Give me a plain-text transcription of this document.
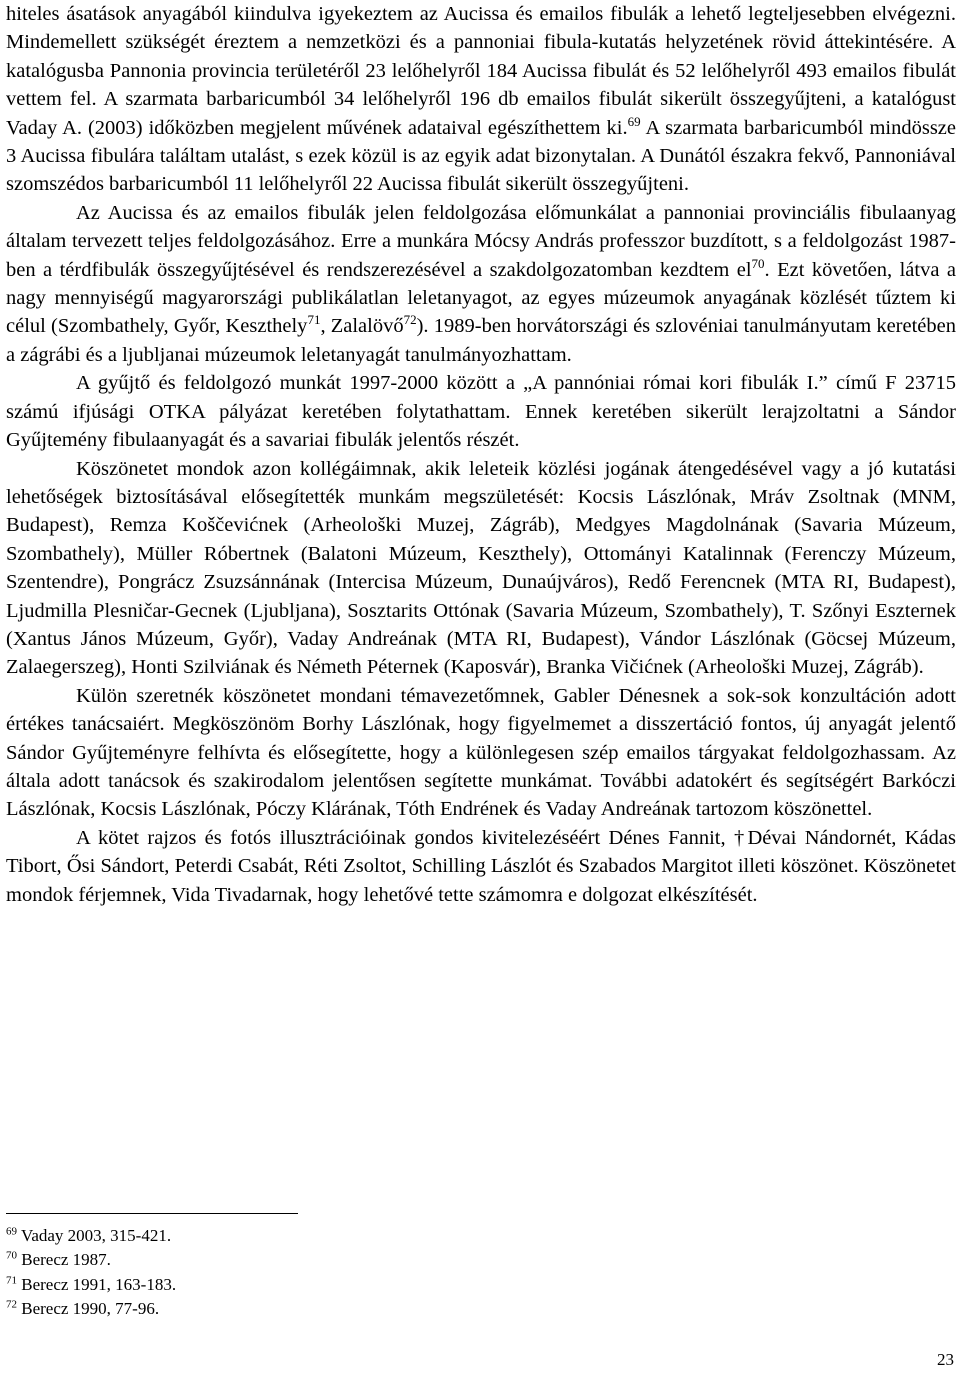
hiteles ásatások anyagából kiindulva igyekeztem az Aucissa és emailos fibulák a lehető legteljesebben elvégezni. Mindemellett szükségét éreztem a nemzetközi és a pannoniai fibula-kutatás helyzetének rövid áttekintésére. A katalógusba Pannonia provincia területéről 23 lelőhelyről 184 Aucissa fibulát és 52 lelőhelyről 493 emailos fibulát vettem fel. A szarmata barbaricumból 34 lelőhelyről 196 db emailos fibulát sikerült összegyűjteni, a katalógust Vaday A. (2003) időközben megjelent művének adataival egészíthettem ki.$^{69}$ A szarmata barbaricumból mindössze 3 Aucissa fibulára találtam utalást, s ezek közül is az egyik adat bizonytalan. A Dunától északra fekvő, Pannoniával szomszédos barbaricumból 11 lelőhelyről 22 Aucissa fibulát sikerült összegyűjteni.

Az Aucissa és az emailos fibulák jelen feldolgozása előmunkálat a pannoniai provinciális fibulaanyag általam tervezett teljes feldolgozásához. Erre a munkára Mócsy András professzor buzdított, s a feldolgozást 1987-ben a térdfibulák összegyűjtésével és rendszerezésével a szakdolgozatomban kezdtem $el^{70}$. Ezt követően, látva a nagy mennyiségű magyarországi publikálatlan leletanyagot, az egyes múzeumok anyagának közlését tűztem ki célul (Szombathely, Győr, Keszthely$^{71}$, Zalalövő$^{72}$). 1989-ben horvátországi és szlovéniai tanulmányutam keretében a zágrábi és a ljubljanai múzeumok leletanyagát tanulmányozhattam.

A gyűjtő és feldolgozó munkát 1997-2000 között a „A pannóniai római kori fibulák I.” című F 23715 számú ifjúsági OTKA pályázat keretében folytathattam. Ennek keretében sikerült lerajzoltatni a Sándor Gyűjtemény fibulaanyagát és a savariai fibulák jelentős részét.

Köszönetet mondok azon kollégáimnak, akik leleteik közlési jogának átengedésével vagy a jó kutatási lehetőségek biztosításával elősegítették munkám megszületését: Kocsis Lászlónak, Mráv Zsoltnak (MNM, Budapest), Remza Koščevićnek (Arheološki Muzej, Zágráb), Medgyes Magdolnának (Savaria Múzeum, Szombathely), Müller Róbertnek (Balatoni Múzeum, Keszthely), Ottományi Katalinnak (Ferenczy Múzeum, Szentendre), Pongrácz Zsuzsánnának (Intercisa Múzeum, Dunaújváros), Redő Ferencnek (MTA RI, Budapest), Ljudmilla Plesničar-Gecnek (Ljubljana), Sosztarits Ottónak (Savaria Múzeum, Szombathely), T. Szőnyi Eszternek (Xantus János Múzeum, Győr), Vaday Andreának (MTA RI, Budapest), Vándor Lászlónak (Göcsej Múzeum, Zalaegerszeg), Honti Szilviának és Németh Péternek (Kaposvár), Branka Vičićnek (Arheološki Muzej, Zágráb).

Külön szeretnék köszönetet mondani témavezetőmnek, Gabler Dénesnek a sok-sok konzultáción adott értékes tanácsaiért. Megköszönöm Borhy Lászlónak, hogy figyelmemet a disszertáció fontos, új anyagát jelentő Sándor Gyűjteményre felhívta és elősegítette, hogy a különlegesen szép emailos tárgyakat feldolgozhassam. Az általa adott tanácsok és szakirodalom jelentősen segítette munkámat. További adatokért és segítségért Barkóczi Lászlónak, Kocsis Lászlónak, Póczy Klárának, Tóth Endrének és Vaday Andreának tartozom köszönettel.

A kötet rajzos és fotós illusztrációinak gondos kivitelezéséért Dénes Fannit, †Dévai Nándornét, Kádas Tibort, Ősi Sándort, Peterdi Csabát, Réti Zsoltot, Schilling Lászlót és Szabados Margitot illeti köszönet. Köszönetet mondok férjemnek, Vida Tivadarnak, hogy lehetővé tette számomra e dolgozat elkészítését.

$^{69}$ Vaday 2003, 315-421.

$^{70}$ Berecz 1987.

$^{71}$ Berecz 1991, 163-183.

$^{72}$ Berecz 1990, 77-96.

23
